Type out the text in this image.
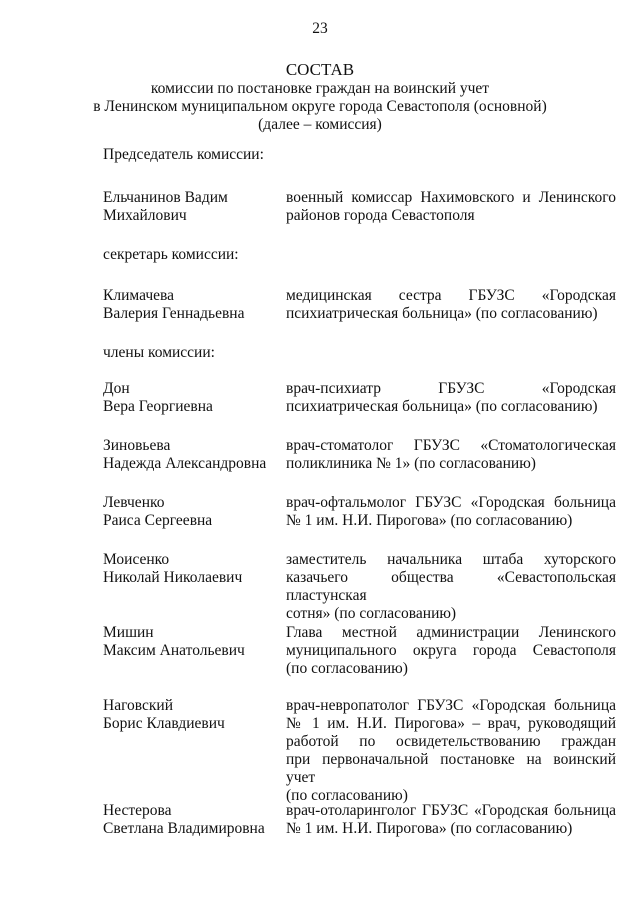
23
СОСТАВ
комиссии по постановке граждан на воинский учет
в Ленинском муниципальном округе города Севастополя (основной)
(далее – комиссия)
Председатель комиссии:
Ельчанинов Вадим
Михайлович
военный комиссар Нахимовского и Ленинского
районов города Севастополя
секретарь комиссии:
Климачева
Валерия Геннадьевна
медицинская сестра ГБУЗС «Городская
психиатрическая больница» (по согласованию)
члены комиссии:
Дон
Вера Георгиевна
врач-психиатр ГБУЗС «Городская
психиатрическая больница» (по согласованию)
Зиновьева
Надежда Александровна
врач-стоматолог ГБУЗС «Стоматологическая
поликлиника № 1» (по согласованию)
Левченко
Раиса Сергеевна
врач-офтальмолог ГБУЗС «Городская больница
№ 1 им. Н.И. Пирогова» (по согласованию)
Моисенко
Николай Николаевич
заместитель начальника штаба хуторского
казачьего общества «Севастопольская пластунская
сотня» (по согласованию)
Мишин
Максим Анатольевич
Глава местной администрации Ленинского
муниципального округа города Севастополя
(по согласованию)
Наговский
Борис Клавдиевич
врач-невропатолог ГБУЗС «Городская больница
№ 1 им. Н.И. Пирогова» – врач, руководящий
работой по освидетельствованию граждан
при первоначальной постановке на воинский учет
(по согласованию)
Нестерова
Светлана Владимировна
врач-отоларинголог ГБУЗС «Городская больница
№ 1 им. Н.И. Пирогова» (по согласованию)
